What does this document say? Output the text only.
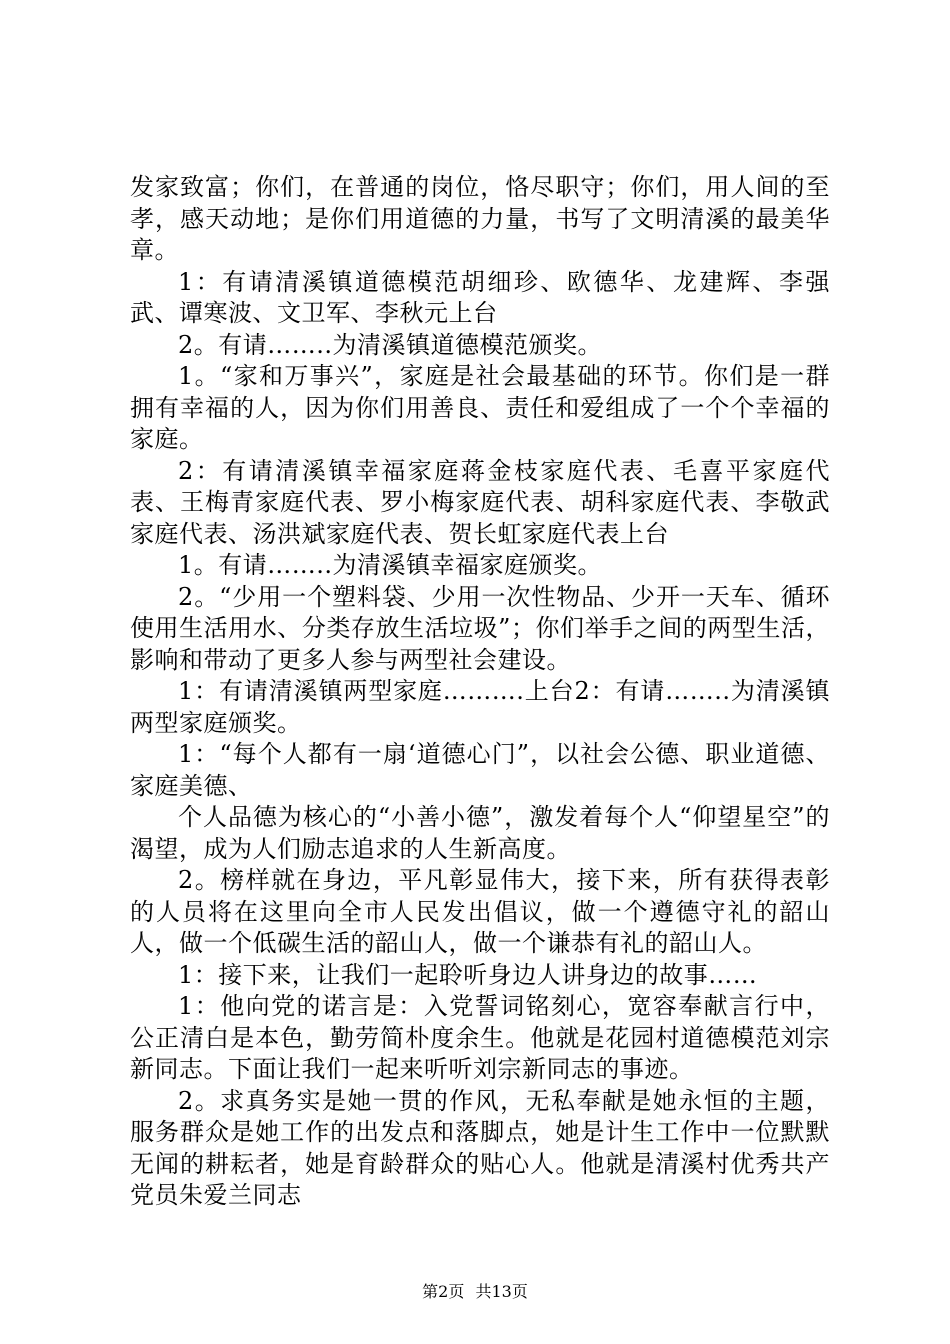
发家致富；你们，在普通的岗位，恪尽职守；你们，用人间的至孝，感天动地；是你们用道德的力量，书写了文明清溪的最美华章。

1：有请清溪镇道德模范胡细珍、欧德华、龙建辉、李强武、谭寒波、文卫军、李秋元上台

2。有请……..为清溪镇道德模范颁奖。

1。“家和万事兴”，家庭是社会最基础的环节。你们是一群拥有幸福的人，因为你们用善良、责任和爱组成了一个个幸福的家庭。

2：有请清溪镇幸福家庭蒋金枝家庭代表、毛喜平家庭代表、王梅青家庭代表、罗小梅家庭代表、胡科家庭代表、李敬武家庭代表、汤洪斌家庭代表、贺长虹家庭代表上台

1。有请……..为清溪镇幸福家庭颁奖。

2。“少用一个塑料袋、少用一次性物品、少开一天车、循环使用生活用水、分类存放生活垃圾”；你们举手之间的两型生活，影响和带动了更多人参与两型社会建设。

1：有请清溪镇两型家庭……….上台2：有请……..为清溪镇两型家庭颁奖。

1：“每个人都有一扇‘道德心门”，以社会公德、职业道德、家庭美德、

个人品德为核心的“小善小德”，激发着每个人“仰望星空”的渴望，成为人们励志追求的人生新高度。

2。榜样就在身边，平凡彰显伟大，接下来，所有获得表彰的人员将在这里向全市人民发出倡议，做一个遵德守礼的韶山人，做一个低碳生活的韶山人，做一个谦恭有礼的韶山人。

1：接下来，让我们一起聆听身边人讲身边的故事……

1：他向党的诺言是：入党誓词铭刻心，宽容奉献言行中，公正清白是本色，勤劳简朴度余生。他就是花园村道德模范刘宗新同志。下面让我们一起来听听刘宗新同志的事迹。

2。求真务实是她一贯的作风，无私奉献是她永恒的主题，服务群众是她工作的出发点和落脚点，她是计生工作中一位默默无闻的耕耘者，她是育龄群众的贴心人。他就是清溪村优秀共产党员朱爱兰同志

第2页 共13页
